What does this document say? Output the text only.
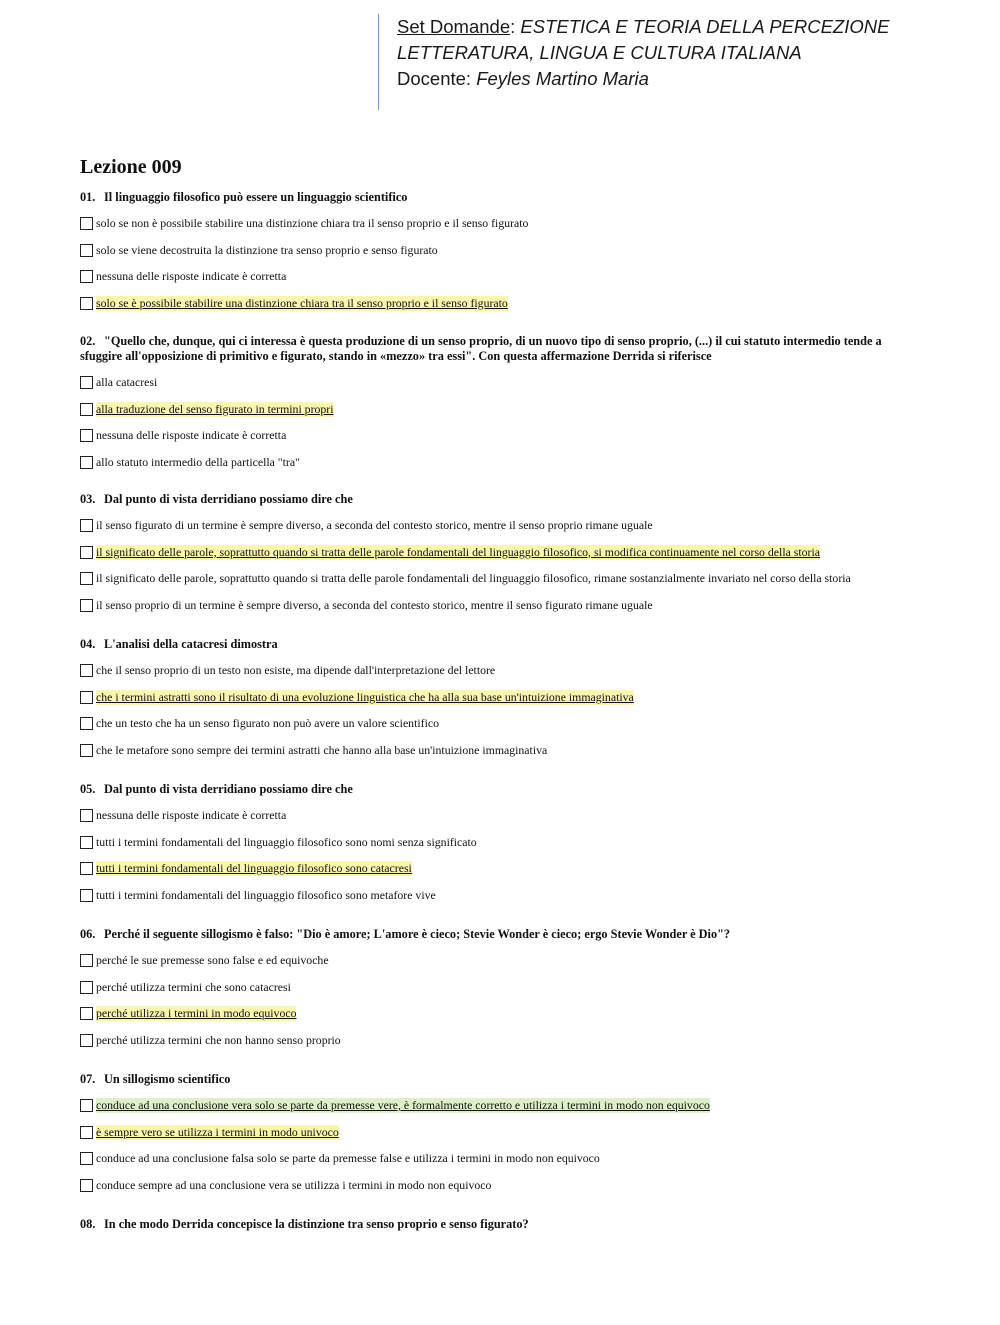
Set Domande: ESTETICA E TEORIA DELLA PERCEZIONE
LETTERATURA, LINGUA E CULTURA ITALIANA
Docente: Feyles Martino Maria
Lezione 009

01. Il linguaggio filosofico può essere un linguaggio scientifico

solo se non è possibile stabilire una distinzione chiara tra il senso proprio e il senso figurato
solo se viene decostruita la distinzione tra senso proprio e senso figurato
nessuna delle risposte indicate è corretta
solo se è possibile stabilire una distinzione chiara tra il senso proprio e il senso figurato

02. "Quello che, dunque, qui ci interessa è questa produzione di un senso proprio, di un nuovo tipo di senso proprio, (...) il cui statuto intermedio tende a sfuggire all'opposizione di primitivo e figurato, stando in «mezzo» tra essi". Con questa affermazione Derrida si riferisce

alla catacresi
alla traduzione del senso figurato in termini propri
nessuna delle risposte indicate è corretta
allo statuto intermedio della particella "tra"

03. Dal punto di vista derridiano possiamo dire che

il senso figurato di un termine è sempre diverso, a seconda del contesto storico, mentre il senso proprio rimane uguale
il significato delle parole, soprattutto quando si tratta delle parole fondamentali del linguaggio filosofico, si modifica continuamente nel corso della storia
il significato delle parole, soprattutto quando si tratta delle parole fondamentali del linguaggio filosofico, rimane sostanzialmente invariato nel corso della storia
il senso proprio di un termine è sempre diverso, a seconda del contesto storico, mentre il senso figurato rimane uguale

04. L'analisi della catacresi dimostra

che il senso proprio di un testo non esiste, ma dipende dall'interpretazione del lettore
che i termini astratti sono il risultato di una evoluzione linguistica che ha alla sua base un'intuizione immaginativa
che un testo che ha un senso figurato non può avere un valore scientifico
che le metafore sono sempre dei termini astratti che hanno alla base un'intuizione immaginativa

05. Dal punto di vista derridiano possiamo dire che

nessuna delle risposte indicate è corretta
tutti i termini fondamentali del linguaggio filosofico sono nomi senza significato
tutti i termini fondamentali del linguaggio filosofico sono catacresi
tutti i termini fondamentali del linguaggio filosofico sono metafore vive

06. Perché il seguente sillogismo è falso: "Dio è amore; L'amore è cieco; Stevie Wonder è cieco; ergo Stevie Wonder è Dio"?

perché le sue premesse sono false e ed equivoche
perché utilizza termini che sono catacresi
perché utilizza i termini in modo equivoco
perché utilizza termini che non hanno senso proprio

07. Un sillogismo scientifico

conduce ad una conclusione vera solo se parte da premesse vere, è formalmente corretto e utilizza i termini in modo non equivoco
è sempre vero se utilizza i termini in modo univoco
conduce ad una conclusione falsa solo se parte da premesse false e utilizza i termini in modo non equivoco
conduce sempre ad una conclusione vera se utilizza i termini in modo non equivoco

08. In che modo Derrida concepisce la distinzione tra senso proprio e senso figurato?
